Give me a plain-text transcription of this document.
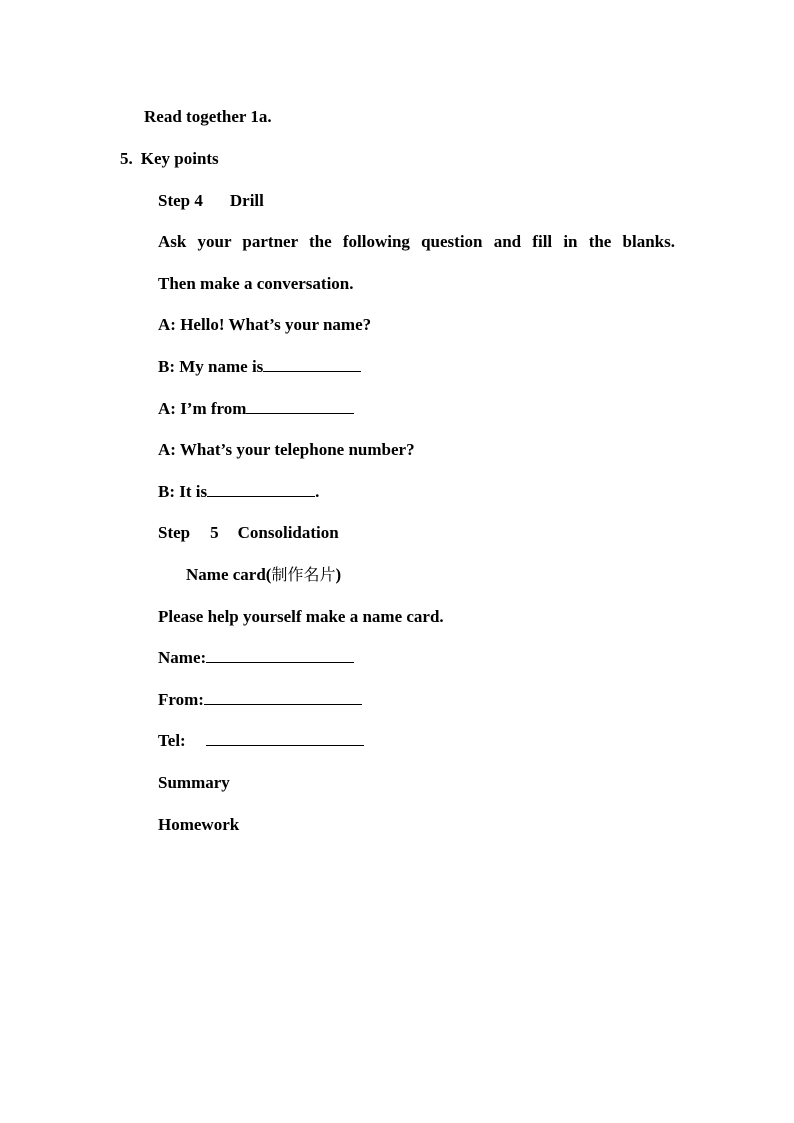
Read together 1a.
5. Key points
Step 4 Drill
Ask your partner the following question and fill in the blanks.
Then make a conversation.
A: Hello! What’s your name?
B: My name is
A: I’m from
A: What’s your telephone number?
B: It is	.
Step 5 Consolidation
Name card(制作名片)
Please help yourself make a name card.
Name:
From:
Tel:
Summary
Homework
